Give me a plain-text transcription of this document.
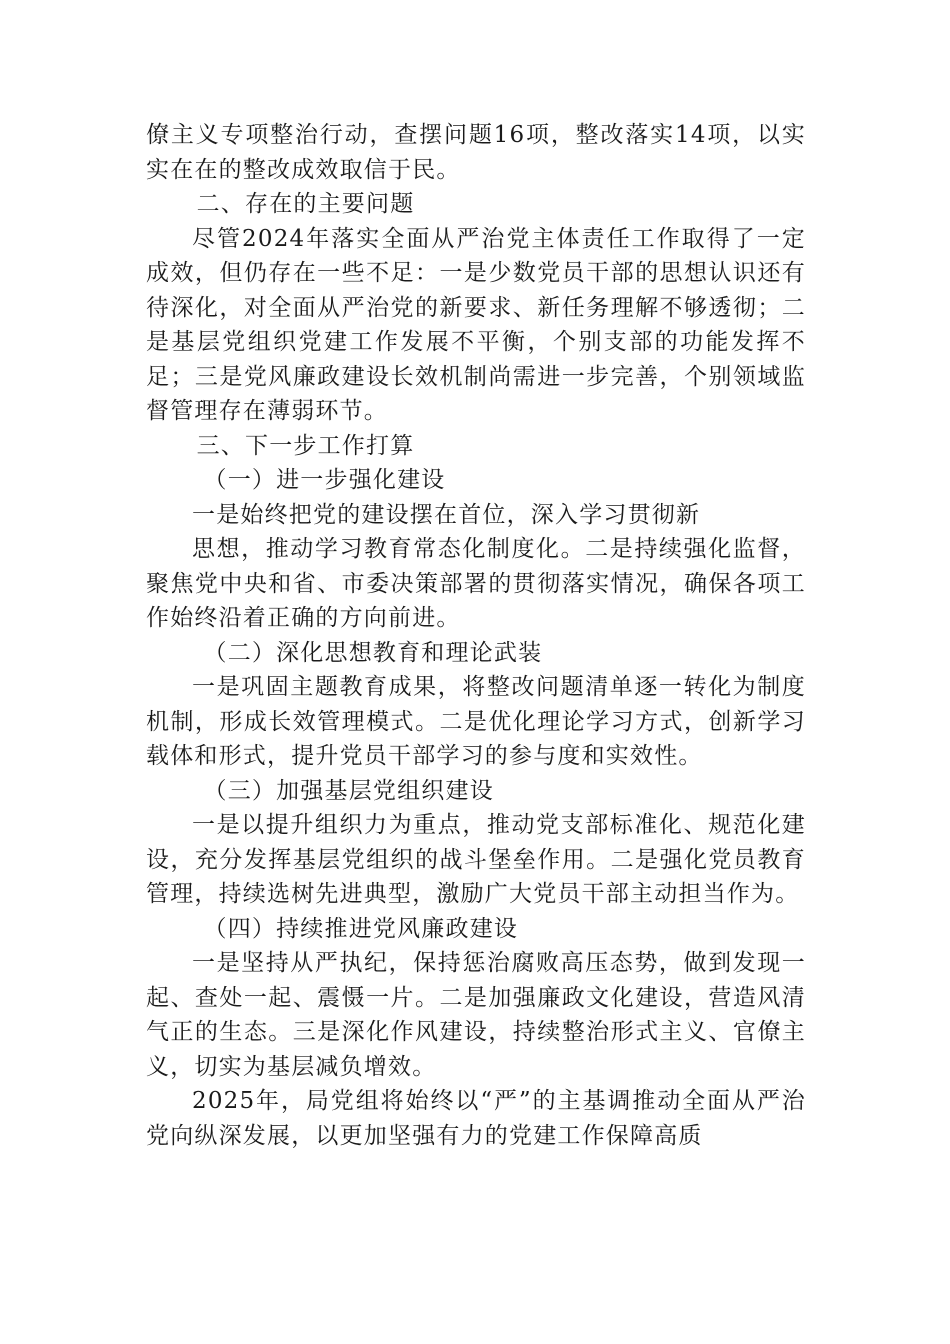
僚主义专项整治行动，查摆问题16项，整改落实14项，以实实在在的整改成效取信于民。

二、存在的主要问题

尽管2024年落实全面从严治党主体责任工作取得了一定成效，但仍存在一些不足：一是少数党员干部的思想认识还有待深化，对全面从严治党的新要求、新任务理解不够透彻；二是基层党组织党建工作发展不平衡，个别支部的功能发挥不足；三是党风廉政建设长效机制尚需进一步完善，个别领域监督管理存在薄弱环节。

三、下一步工作打算

（一）进一步强化建设

一是始终把党的建设摆在首位，深入学习贯彻新

思想，推动学习教育常态化制度化。二是持续强化监督，聚焦党中央和省、市委决策部署的贯彻落实情况，确保各项工作始终沿着正确的方向前进。

（二）深化思想教育和理论武装

一是巩固主题教育成果，将整改问题清单逐一转化为制度机制，形成长效管理模式。二是优化理论学习方式，创新学习载体和形式，提升党员干部学习的参与度和实效性。

（三）加强基层党组织建设

一是以提升组织力为重点，推动党支部标准化、规范化建设，充分发挥基层党组织的战斗堡垒作用。二是强化党员教育管理，持续选树先进典型，激励广大党员干部主动担当作为。

（四）持续推进党风廉政建设

一是坚持从严执纪，保持惩治腐败高压态势，做到发现一起、查处一起、震慑一片。二是加强廉政文化建设，营造风清气正的生态。三是深化作风建设，持续整治形式主义、官僚主义，切实为基层减负增效。

2025年，局党组将始终以“严”的主基调推动全面从严治党向纵深发展，以更加坚强有力的党建工作保障高质
